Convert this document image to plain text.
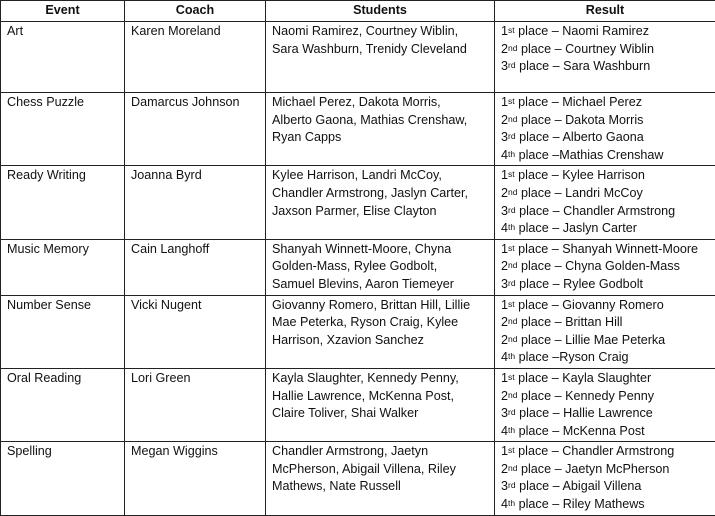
Event	Coach	Students	Result
Art	Karen Moreland	Naomi Ramirez, Courtney Wiblin,
Sara Washburn, Trenidy Cleveland	1st place – Naomi Ramirez
2nd place – Courtney Wiblin
3rd place – Sara Washburn

Chess Puzzle	Damarcus Johnson	Michael Perez, Dakota Morris,
Alberto Gaona, Mathias Crenshaw,
Ryan Capps	1st place – Michael Perez
2nd place – Dakota Morris
3rd place – Alberto Gaona
4th place –Mathias Crenshaw

Ready Writing	Joanna Byrd	Kylee Harrison, Landri McCoy,
Chandler Armstrong, Jaslyn Carter,
Jaxson Parmer, Elise Clayton	1st place – Kylee Harrison
2nd place – Landri McCoy
3rd place – Chandler Armstrong
4th place – Jaslyn Carter

Music Memory	Cain Langhoff	Shanyah Winnett-Moore, Chyna
Golden-Mass, Rylee Godbolt,
Samuel Blevins, Aaron Tiemeyer	1st place – Shanyah Winnett-Moore
2nd place – Chyna Golden-Mass
3rd place – Rylee Godbolt

Number Sense	Vicki Nugent	Giovanny Romero, Brittan Hill, Lillie
Mae Peterka, Ryson Craig, Kylee
Harrison, Xzavion Sanchez	1st place – Giovanny Romero
2nd place – Brittan Hill
2nd place – Lillie Mae Peterka
4th place –Ryson Craig

Oral Reading	Lori Green	Kayla Slaughter, Kennedy Penny,
Hallie Lawrence, McKenna Post,
Claire Toliver, Shai Walker	1st place – Kayla Slaughter
2nd place – Kennedy Penny
3rd place – Hallie Lawrence
4th place – McKenna Post

Spelling	Megan Wiggins	Chandler Armstrong, Jaetyn
McPherson, Abigail Villena, Riley
Mathews, Nate Russell	1st place – Chandler Armstrong
2nd place – Jaetyn McPherson
3rd place – Abigail Villena
4th place – Riley Mathews
